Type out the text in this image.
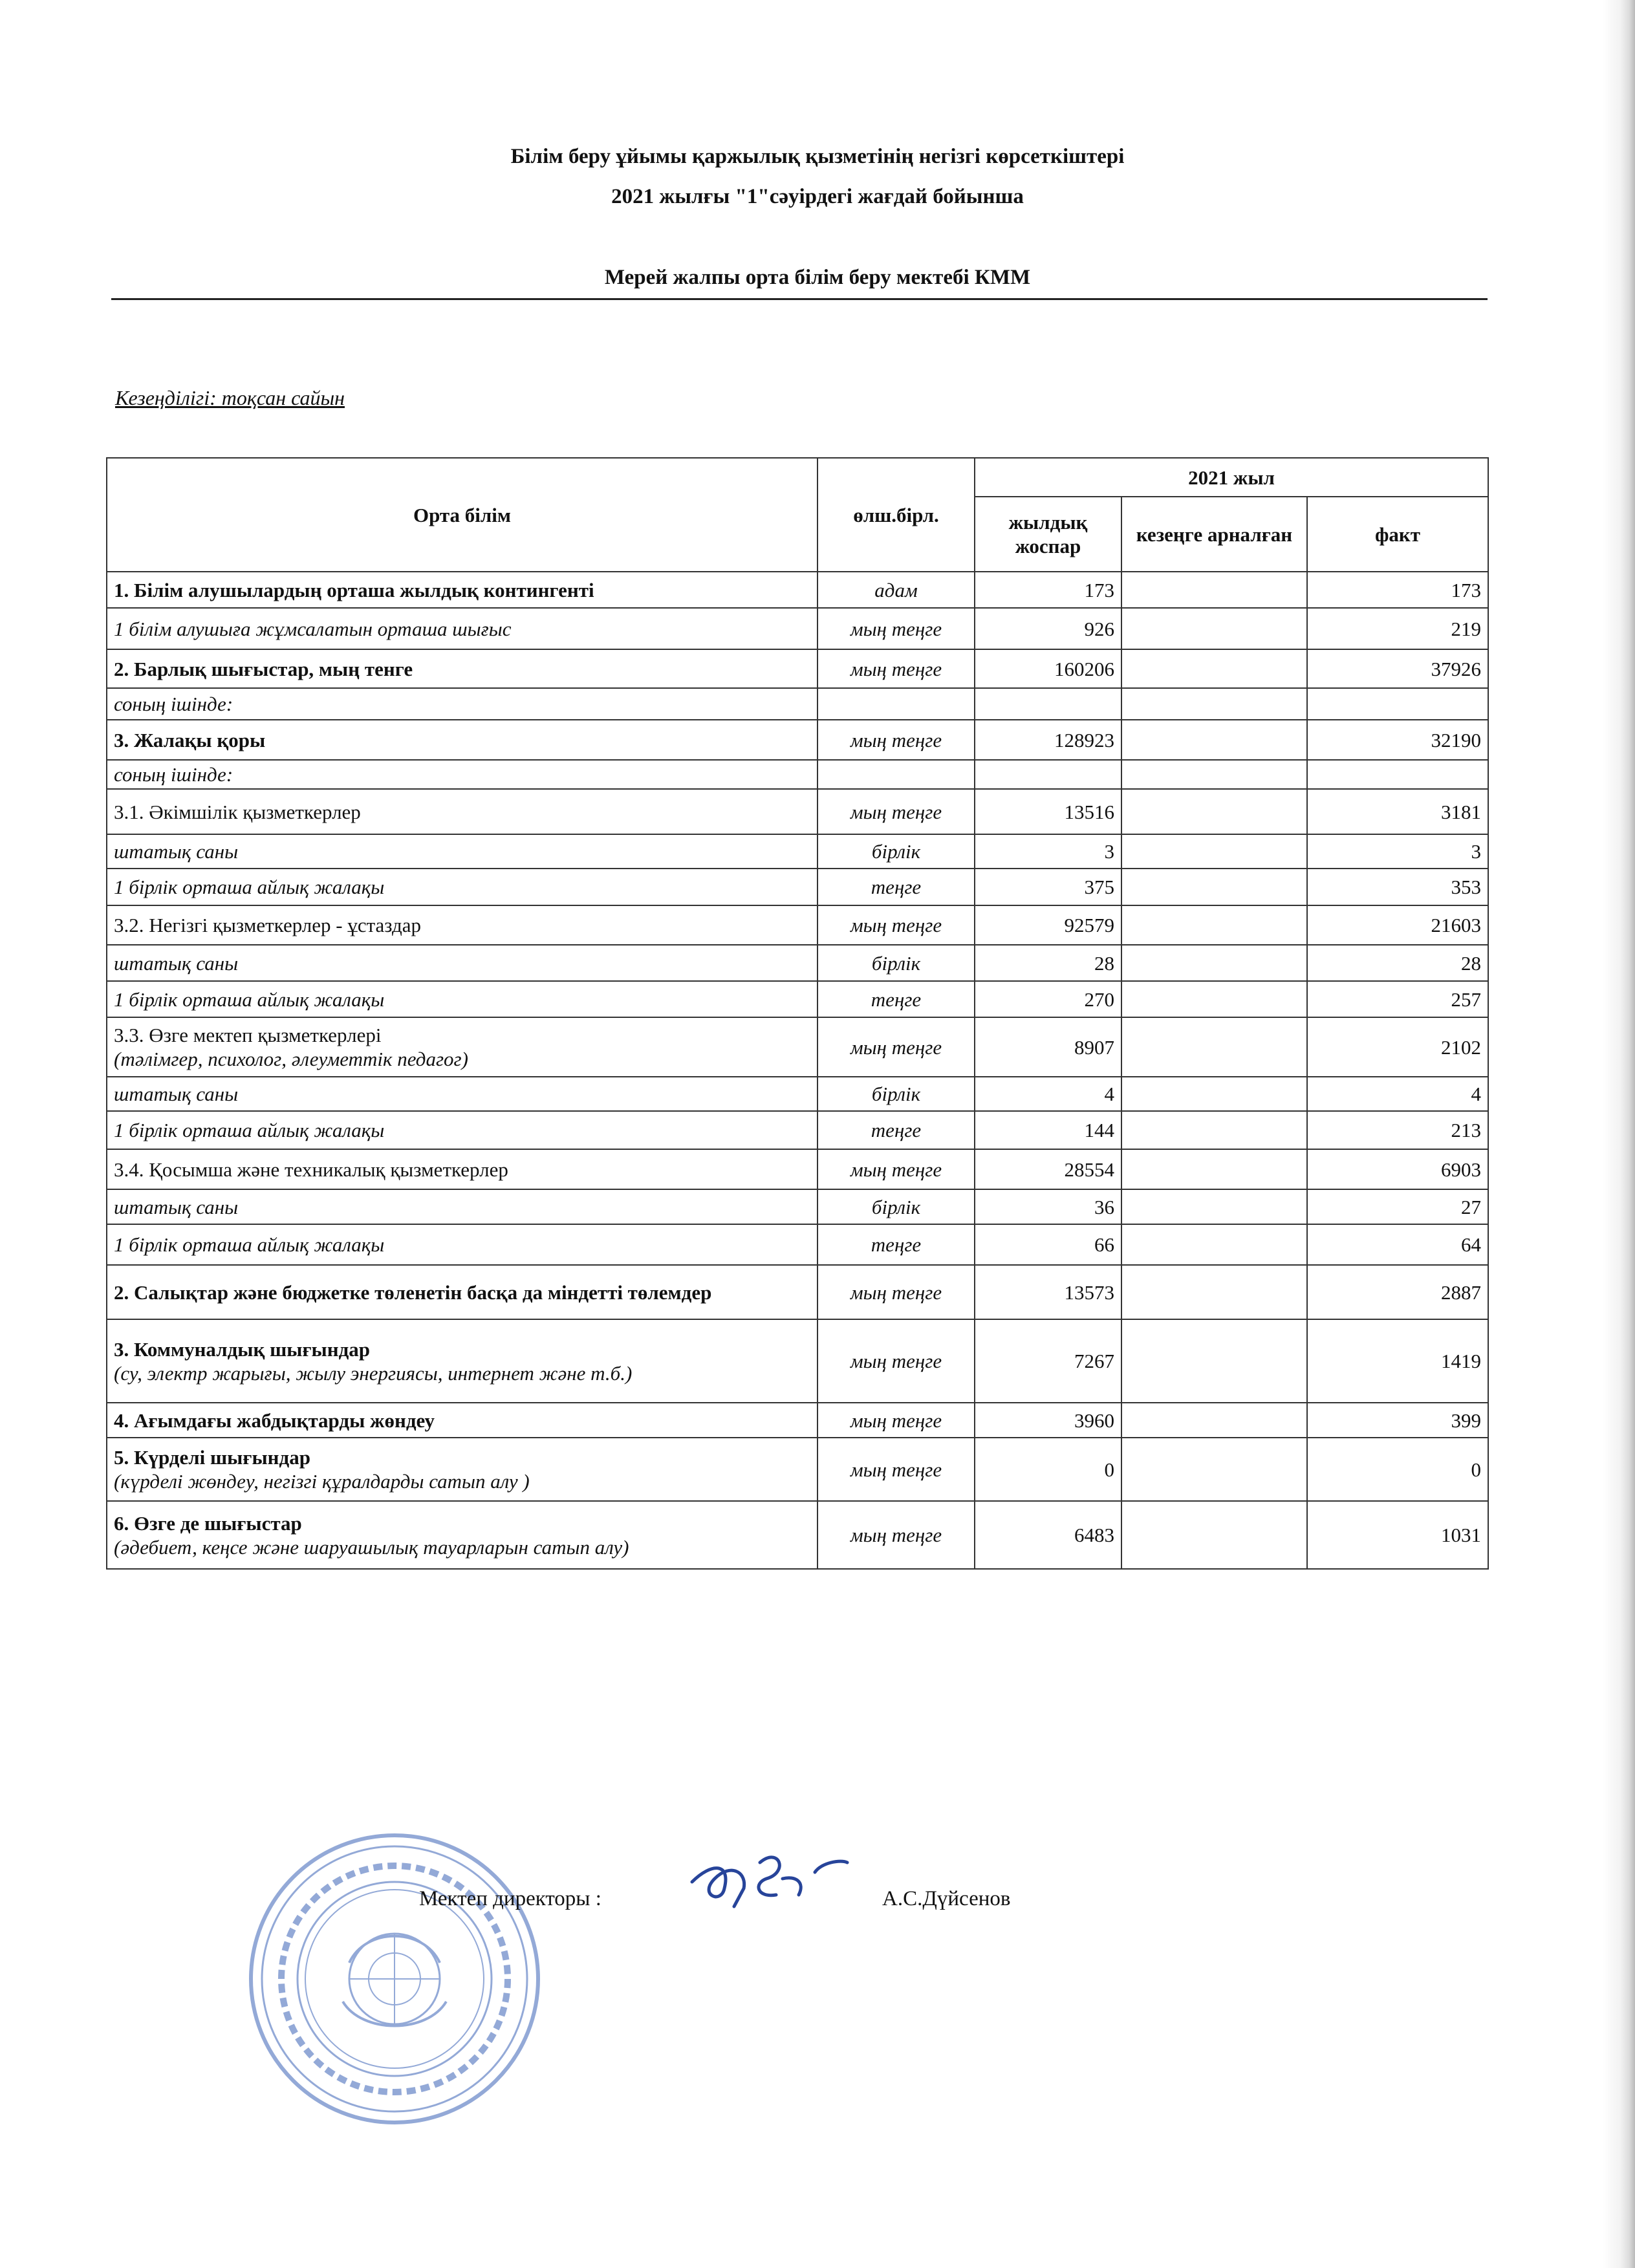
Білім беру ұйымы қаржылық қызметінің негізгі көрсеткіштері
2021 жылғы "1"сәуірдегі жағдай бойынша
Мерей жалпы орта білім беру мектебі КММ
Кезеңділігі: тоқсан сайын
Орта білім	өлш.бірл.	2021 жыл		
		жылдық жоспар	кезеңге арналған	факт

1. Білім алушылардың орташа жылдық контингенті	адам	173		173

1 білім алушыға жұмсалатын орташа шығыс	мың теңге	926		219

2. Барлық шығыстар, мың тенге	мың теңге	160206		37926

соның ішінде:				

3. Жалақы қоры	мың теңге	128923		32190

соның ішінде:				

3.1. Әкімшілік қызметкерлер	мың теңге	13516		3181

штатық саны	бірлік	3		3

1 бірлік орташа айлық жалақы	теңге	375		353

3.2. Негізгі қызметкерлер - ұстаздар	мың теңге	92579		21603

штатық саны	бірлік	28		28

1 бірлік орташа айлық жалақы	теңге	270		257

3.3. Өзге мектеп қызметкерлері
(тәлімгер, психолог, әлеуметтік педагог)	мың теңге	8907		2102

штатық саны	бірлік	4		4

1 бірлік орташа айлық жалақы	теңге	144		213

3.4. Қосымша және техникалық қызметкерлер	мың теңге	28554		6903

штатық саны	бірлік	36		27

1 бірлік орташа айлық жалақы	теңге	66		64

2. Салықтар және бюджетке төленетін басқа да міндетті төлемдер	мың теңге	13573		2887

3. Коммуналдық шығындар
(су, электр жарығы, жылу энергиясы, интернет және т.б.)	мың теңге	7267		1419

4. Ағымдағы жабдықтарды жөндеу	мың теңге	3960		399

5. Күрделі шығындар
(күрделі жөндеу, негізгі құралдарды сатып алу )	мың теңге	0		0

6. Өзге де шығыстар
(әдебиет, кеңсе және шаруашылық тауарларын сатып алу)	мың теңге	6483		1031
Мектеп директоры :	А.С.Дүйсенов
